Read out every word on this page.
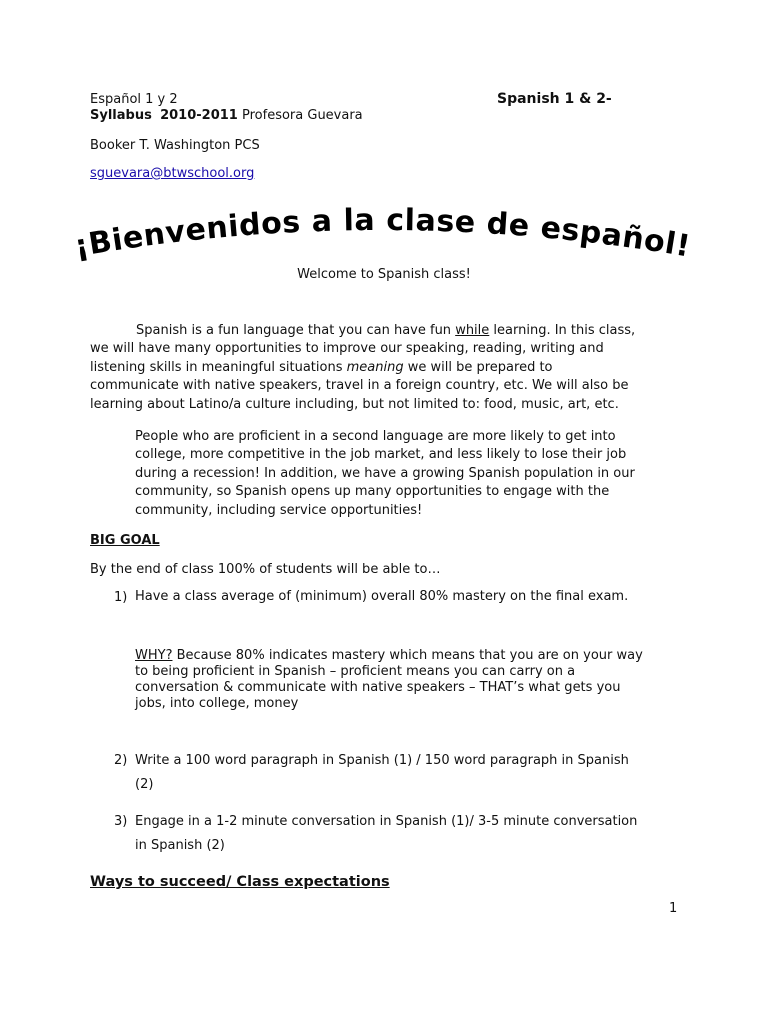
Español 1 y 2	Spanish 1 & 2-
Syllabus 2010-2011 Profesora Guevara
Booker T. Washington PCS
sguevara@btwschool.org
¡Bienvenidos a la clase de español!
Welcome to Spanish class!

Spanish is a fun language that you can have fun while learning. In this class,

we will have many opportunities to improve our speaking, reading, writing and

listening skills in meaningful situations meaning we will be prepared to

communicate with native speakers, travel in a foreign country, etc. We will also be

learning about Latino/a culture including, but not limited to: food, music, art, etc.

People who are proficient in a second language are more likely to get into

college, more competitive in the job market, and less likely to lose their job

during a recession! In addition, we have a growing Spanish population in our

community, so Spanish opens up many opportunities to engage with the

community, including service opportunities!

BIG GOAL
By the end of class 100% of students will be able to…
1) Have a class average of (minimum) overall 80% mastery on the final exam.

WHY? Because 80% indicates mastery which means that you are on your way

to being proficient in Spanish – proficient means you can carry on a

conversation & communicate with native speakers – THAT’s what gets you

jobs, into college, money

2) Write a 100 word paragraph in Spanish (1) / 150 word paragraph in Spanish
(2)
3) Engage in a 1-2 minute conversation in Spanish (1)/ 3-5 minute conversation
in Spanish (2)
Ways to succeed/ Class expectations
1
